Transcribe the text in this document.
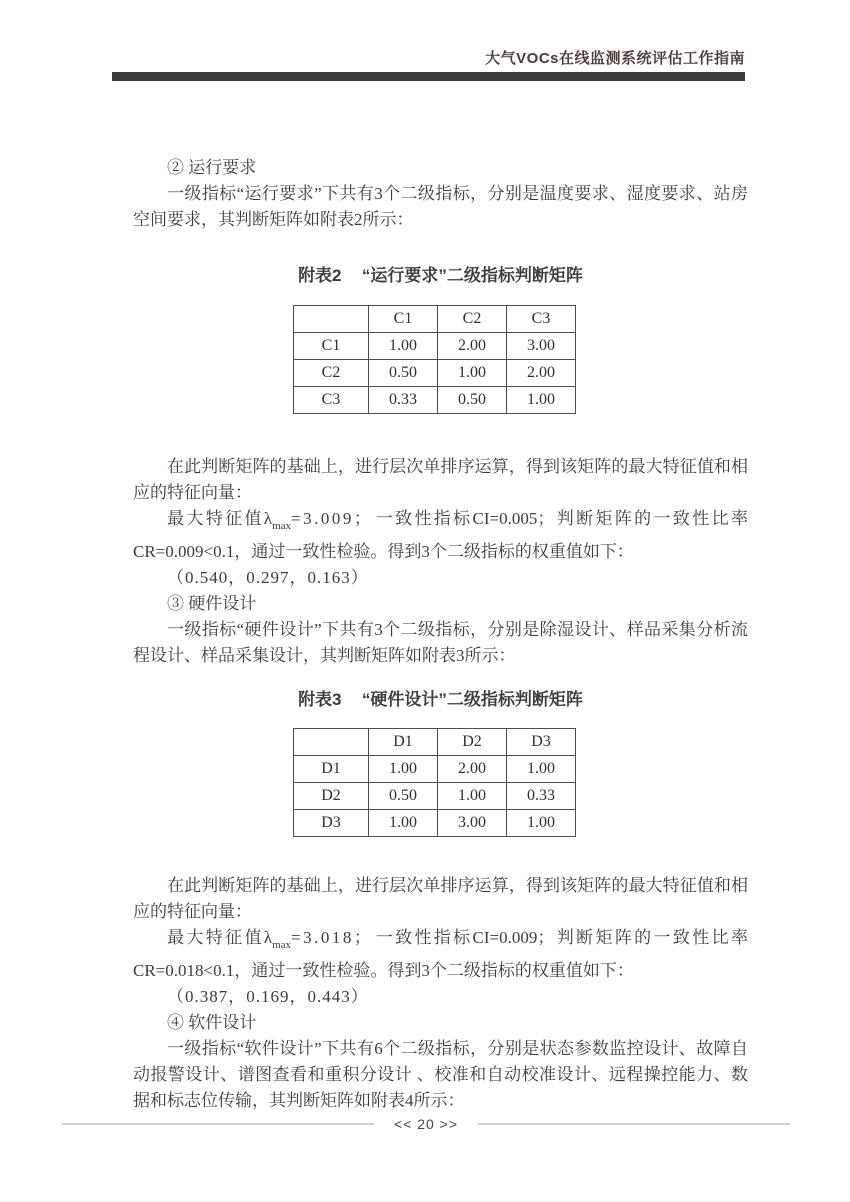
大气VOCs在线监测系统评估工作指南

② 运行要求

一级指标“运行要求”下共有3个二级指标，分别是温度要求、湿度要求、站房空间要求，其判断矩阵如附表2所示：

附表2 “运行要求”二级指标判断矩阵

	C1	C2	C3
C1	1.00	2.00	3.00
C2	0.50	1.00	2.00
C3	0.33	0.50	1.00

在此判断矩阵的基础上，进行层次单排序运算，得到该矩阵的最大特征值和相应的特征向量：

最大特征值$\lambda_{max}=3.009$；一致性指标CI=0.005；判断矩阵的一致性比率CR=0.009<0.1，通过一致性检验。得到3个二级指标的权重值如下：

（0.540，0.297，0.163）

③ 硬件设计

一级指标“硬件设计”下共有3个二级指标，分别是除湿设计、样品采集分析流程设计、样品采集设计，其判断矩阵如附表3所示：

附表3 “硬件设计”二级指标判断矩阵

	D1	D2	D3
D1	1.00	2.00	1.00
D2	0.50	1.00	0.33
D3	1.00	3.00	1.00

在此判断矩阵的基础上，进行层次单排序运算，得到该矩阵的最大特征值和相应的特征向量：

最大特征值$\lambda_{max}=3.018$；一致性指标CI=0.009；判断矩阵的一致性比率CR=0.018<0.1，通过一致性检验。得到3个二级指标的权重值如下：

（0.387，0.169，0.443）

④ 软件设计

一级指标“软件设计”下共有6个二级指标，分别是状态参数监控设计、故障自动报警设计、谱图查看和重积分设计 、校准和自动校准设计、远程操控能力、数据和标志位传输，其判断矩阵如附表4所示：

<< 20 >>
